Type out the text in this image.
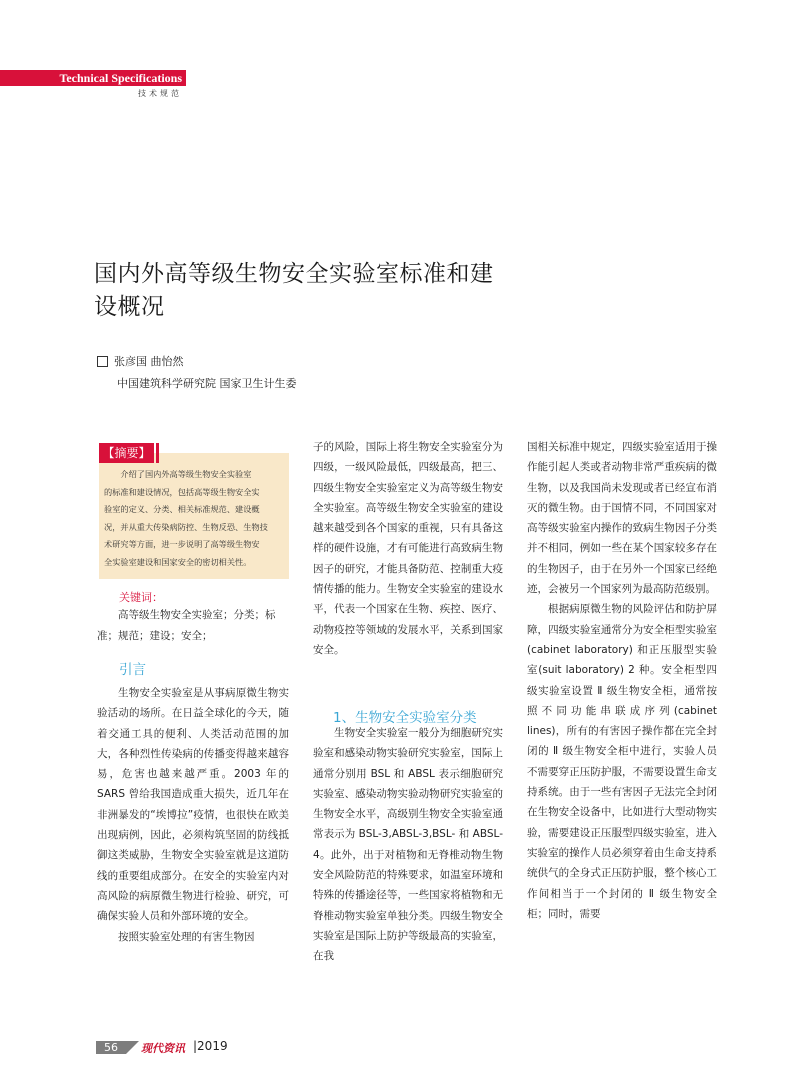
Technical Specifications
技术规范
国内外高等级生物安全实验室标准和建
设概况
张彦国 曲怡然
中国建筑科学研究院 国家卫生计生委
【摘要】
介绍了国内外高等级生物安全实验室
的标准和建设情况，包括高等级生物安全实
验室的定义、分类、相关标准规范、建设概
况，并从重大传染病防控、生物反恐、生物技
术研究等方面，进一步说明了高等级生物安
全实验室建设和国家安全的密切相关性。
关键词：
高等级生物安全实验室；分类；标准；规范；建设；安全；
引言

生物安全实验室是从事病原微生物实验活动的场所。在日益全球化的今天，随着交通工具的便利、人类活动范围的加大，各种烈性传染病的传播变得越来越容易，危害也越来越严重。2003 年的 SARS 曾给我国造成重大损失，近几年在非洲暴发的“埃博拉”疫情，也很快在欧美出现病例，因此，必须构筑坚固的防线抵御这类威胁，生物安全实验室就是这道防线的重要组成部分。在安全的实验室内对高风险的病原微生物进行检验、研究，可确保实验人员和外部环境的安全。

按照实验室处理的有害生物因

子的风险，国际上将生物安全实验室分为四级，一级风险最低，四级最高，把三、四级生物安全实验室定义为高等级生物安全实验室。高等级生物安全实验室的建设越来越受到各个国家的重视，只有具备这样的硬件设施，才有可能进行高致病生物因子的研究，才能具备防范、控制重大疫情传播的能力。生物安全实验室的建设水平，代表一个国家在生物、疾控、医疗、动物疫控等领域的发展水平，关系到国家安全。

1、生物安全实验室分类

生物安全实验室一般分为细胞研究实验室和感染动物实验研究实验室，国际上通常分别用 BSL 和 ABSL 表示细胞研究实验室、感染动物实验动物研究实验室的生物安全水平，高级别生物安全实验室通常表示为 BSL-3,ABSL-3,BSL- 和 ABSL-4。此外，出于对植物和无脊椎动物生物安全风险防范的特殊要求，如温室环境和特殊的传播途径等，一些国家将植物和无脊椎动物实验室单独分类。四级生物安全实验室是国际上防护等级最高的实验室，在我

国相关标准中规定，四级实验室适用于操作能引起人类或者动物非常严重疾病的微生物，以及我国尚未发现或者已经宣布消灭的微生物。由于国情不同，不同国家对高等级实验室内操作的致病生物因子分类并不相同，例如一些在某个国家较多存在的生物因子，由于在另外一个国家已经绝迹，会被另一个国家列为最高防范级别。

根据病原微生物的风险评估和防护屏障，四级实验室通常分为安全柜型实验室 (cabinet laboratory) 和正压服型实验室(suit laboratory) 2 种。安全柜型四级实验室设置 Ⅱ 级生物安全柜，通常按照不同功能串联成序列(cabinet lines)，所有的有害因子操作都在完全封闭的 Ⅱ 级生物安全柜中进行，实验人员不需要穿正压防护服，不需要设置生命支持系统。由于一些有害因子无法完全封闭在生物安全设备中，比如进行大型动物实验，需要建设正压服型四级实验室，进入实验室的操作人员必须穿着由生命支持系统供气的全身式正压防护服，整个核心工作间相当于一个封闭的 Ⅱ 级生物安全柜；同时，需要

56	现代资讯 |2019
